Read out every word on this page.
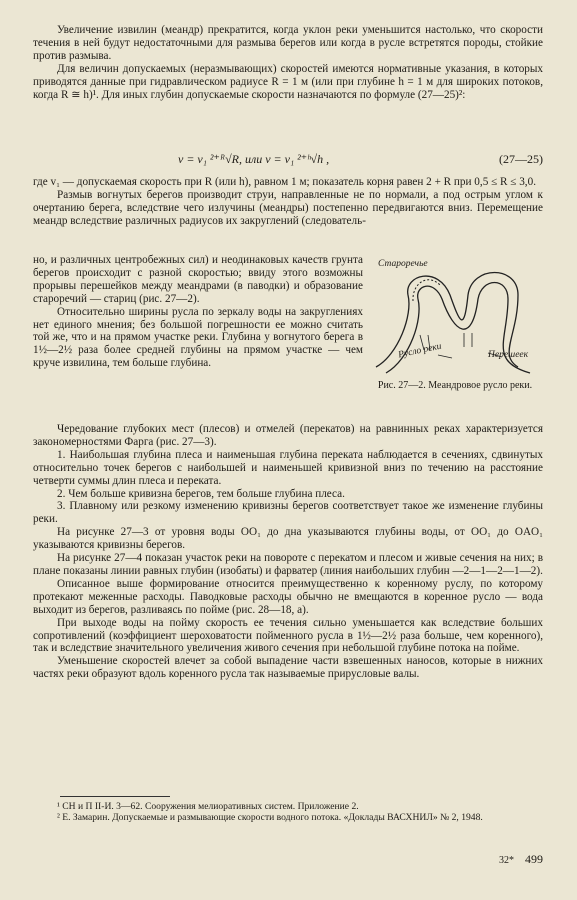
Увеличение извилин (меандр) прекратится, когда уклон реки уменьшится настолько, что скорости течения в ней будут недостаточными для размыва берегов или когда в русле встретятся породы, стойкие против размыва.

Для величин допускаемых (неразмывающих) скоростей имеются нормативные указания, в которых приводятся данные при гидравлическом радиусе R = 1 м (или при глубине h = 1 м для широких потоков, когда R ≅ h)¹. Для иных глубин допускаемые скорости назначаются по формуле (27—25)²:

v = v₁ ²⁺ᴿ√R, или v = v₁ ²⁺ʰ√h ,	(27—25)

где v₁ — допускаемая скорость при R (или h), равном 1 м; показатель корня равен 2 + R при 0,5 ≤ R ≤ 3,0.

Размыв вогнутых берегов производит струи, направленные не по нормали, а под острым углом к очертанию берега, вследствие чего излучины (меандры) постепенно передвигаются вниз. Перемещение меандр вследствие различных радиусов их закруглений (следователь-

но, и различных центробежных сил) и неодинаковых качеств грунта берегов происходит с разной скоростью; ввиду этого возможны прорывы перешейков между меандрами (в паводки) и образование староречий — стариц (рис. 27—2).

Относительно ширины русла по зеркалу воды на закруглениях нет единого мнения; без большой погрешности ее можно считать той же, что и на прямом участке реки. Глубина у вогнутого берега в 1½—2½ раза более средней глубины на прямом участке — чем круче извилина, тем больше глубина.

Староречье
Русло реки	Перешеек
Рис. 27—2. Меандровое русло реки.

Чередование глубоких мест (плесов) и отмелей (перекатов) на равнинных реках характеризуется закономерностями Фарга (рис. 27—3).

1. Наибольшая глубина плеса и наименьшая глубина переката наблюдается в сечениях, сдвинутых относительно точек берегов с наибольшей и наименьшей кривизной вниз по течению на расстояние четверти суммы длин плеса и переката.

2. Чем больше кривизна берегов, тем больше глубина плеса.

3. Плавному или резкому изменению кривизны берегов соответствует такое же изменение глубины реки.

На рисунке 27—3 от уровня воды OO₁ до дна указываются глубины воды, от OO₁ до OAO₁ указываются кривизны берегов.

На рисунке 27—4 показан участок реки на повороте с перекатом и плесом и живые сечения на них; в плане показаны линии равных глубин (изобаты) и фарватер (линия наибольших глубин —2—1—2—1—2).

Описанное выше формирование относится преимущественно к коренному руслу, по которому протекают меженные расходы. Паводковые расходы обычно не вмещаются в коренное русло — вода выходит из берегов, разливаясь по пойме (рис. 28—18, а).

При выходе воды на пойму скорость ее течения сильно уменьшается как вследствие больших сопротивлений (коэффициент шероховатости пойменного русла в 1½—2½ раза больше, чем коренного), так и вследствие значительного увеличения живого сечения при небольшой глубине потока на пойме.

Уменьшение скоростей влечет за собой выпадение части взвешенных наносов, которые в нижних частях реки образуют вдоль коренного русла так называемые прирусловые валы.

¹ СН и П II-И. 3—62. Сооружения мелиоративных систем. Приложение 2.

² Е. Замарин. Допускаемые и размывающие скорости водного потока. «Доклады ВАСХНИЛ» № 2, 1948.

32* 499
